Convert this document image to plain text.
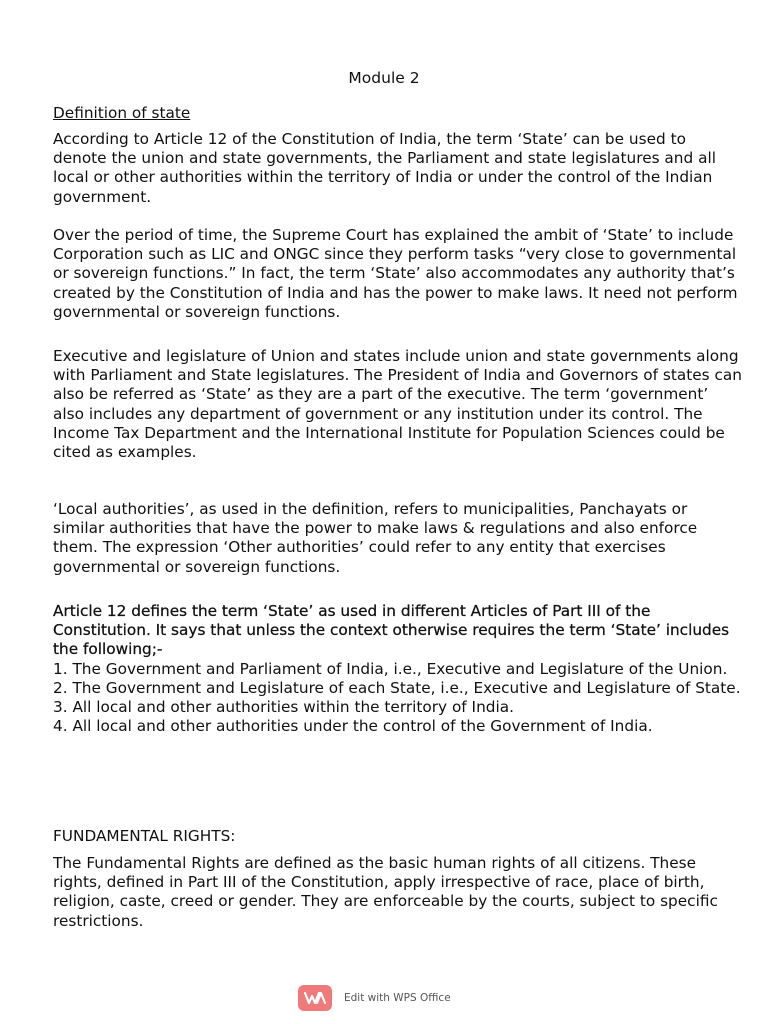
Module 2

Definition of state

According to Article 12 of the Constitution of India, the term ‘State’ can be used to denote the union and state governments, the Parliament and state legislatures and all local or other authorities within the territory of India or under the control of the Indian government.

Over the period of time, the Supreme Court has explained the ambit of ‘State’ to include Corporation such as LIC and ONGC since they perform tasks “very close to governmental or sovereign functions.” In fact, the term ‘State’ also accommodates any authority that’s created by the Constitution of India and has the power to make laws. It need not perform governmental or sovereign functions.

Executive and legislature of Union and states include union and state governments along with Parliament and State legislatures. The President of India and Governors of states can also be referred as ‘State’ as they are a part of the executive. The term ‘government’ also includes any department of government or any institution under its control. The Income Tax Department and the International Institute for Population Sciences could be cited as examples.

‘Local authorities’, as used in the definition, refers to municipalities, Panchayats or similar authorities that have the power to make laws & regulations and also enforce them. The expression ‘Other authorities’ could refer to any entity that exercises governmental or sovereign functions.

Article 12 defines the term ‘State’ as used in different Articles of Part III of the Constitution. It says that unless the context otherwise requires the term ‘State’ includes the following;-

1. The Government and Parliament of India, i.e., Executive and Legislature of the Union.

2. The Government and Legislature of each State, i.e., Executive and Legislature of State.

3. All local and other authorities within the territory of India.

4. All local and other authorities under the control of the Government of India.

FUNDAMENTAL RIGHTS:

The Fundamental Rights are defined as the basic human rights of all citizens. These rights, defined in Part III of the Constitution, apply irrespective of race, place of birth, religion, caste, creed or gender. They are enforceable by the courts, subject to specific restrictions.

Edit with WPS Office
